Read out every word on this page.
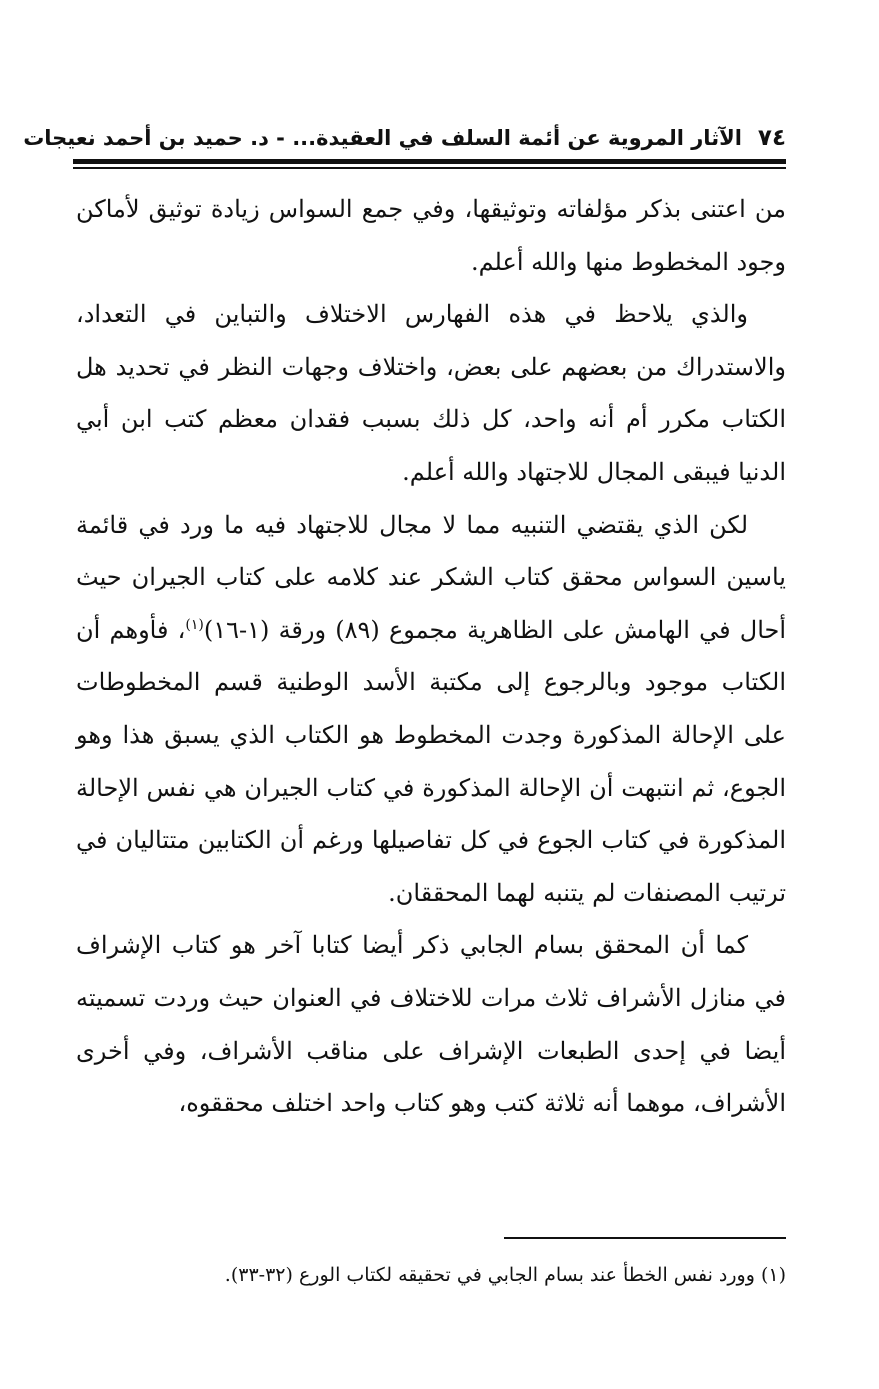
٧٤
الآثار المروية عن أئمة السلف في العقيدة... - د. حميد بن أحمد نعيجات

من اعتنى بذكر مؤلفاته وتوثيقها، وفي جمع السواس زيادة توثيق لأماكن وجود المخطوط منها والله أعلم.

والذي يلاحظ في هذه الفهارس الاختلاف والتباين في التعداد، والاستدراك من بعضهم على بعض، واختلاف وجهات النظر في تحديد هل الكتاب مكرر أم أنه واحد، كل ذلك بسبب فقدان معظم كتب ابن أبي الدنيا فيبقى المجال للاجتهاد والله أعلم.

لكن الذي يقتضي التنبيه مما لا مجال للاجتهاد فيه ما ورد في قائمة ياسين السواس محقق كتاب الشكر عند كلامه على كتاب الجيران حيث أحال في الهامش على الظاهرية مجموع (٨٩) ورقة (١-١٦)$^{(١)}$، فأوهم أن الكتاب موجود وبالرجوع إلى مكتبة الأسد الوطنية قسم المخطوطات على الإحالة المذكورة وجدت المخطوط هو الكتاب الذي يسبق هذا وهو الجوع، ثم انتبهت أن الإحالة المذكورة في كتاب الجيران هي نفس الإحالة المذكورة في كتاب الجوع في كل تفاصيلها ورغم أن الكتابين متتاليان في ترتيب المصنفات لم يتنبه لهما المحققان.

كما أن المحقق بسام الجابي ذكر أيضا كتابا آخر هو كتاب الإشراف في منازل الأشراف ثلاث مرات للاختلاف في العنوان حيث وردت تسميته أيضا في إحدى الطبعات الإشراف على مناقب الأشراف، وفي أخرى الأشراف، موهما أنه ثلاثة كتب وهو كتاب واحد اختلف محققوه،

(١) وورد نفس الخطأ عند بسام الجابي في تحقيقه لكتاب الورع (٣٢-٣٣).
